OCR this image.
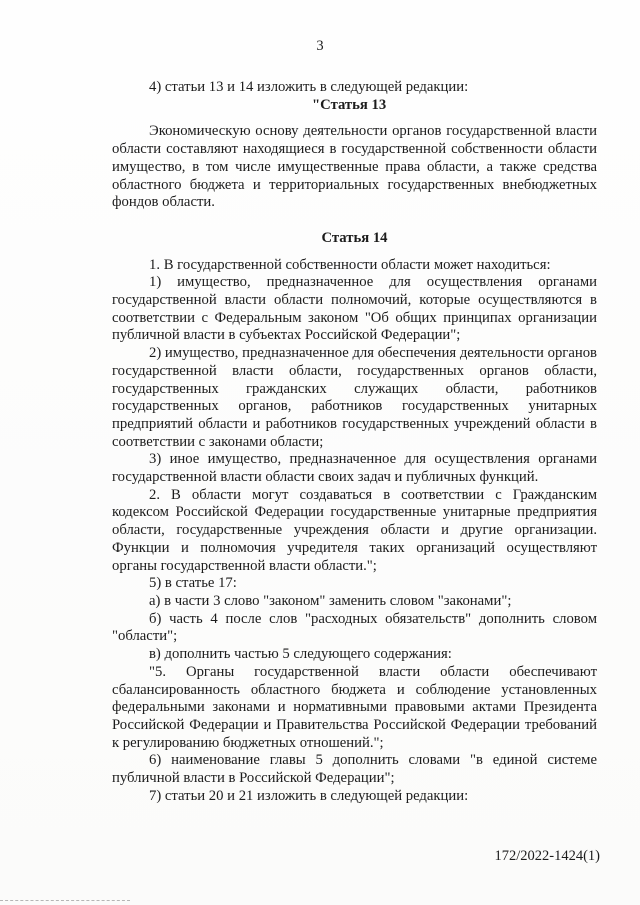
3

4) статьи 13 и 14 изложить в следующей редакции:

"Статья 13

Экономическую основу деятельности органов государственной власти области составляют находящиеся в государственной собственности области имущество, в том числе имущественные права области, а также средства областного бюджета и территориальных государственных внебюджетных фондов области.

Статья 14

1. В государственной собственности области может находиться:

1) имущество, предназначенное для осуществления органами государственной власти области полномочий, которые осуществляются в соответствии с Федеральным законом "Об общих принципах организации публичной власти в субъектах Российской Федерации";

2) имущество, предназначенное для обеспечения деятельности органов государственной власти области, государственных органов области, государственных гражданских служащих области, работников государственных органов, работников государственных унитарных предприятий области и работников государственных учреждений области в соответствии с законами области;

3) иное имущество, предназначенное для осуществления органами государственной власти области своих задач и публичных функций.

2. В области могут создаваться в соответствии с Гражданским кодексом Российской Федерации государственные унитарные предприятия области, государственные учреждения области и другие организации. Функции и полномочия учредителя таких организаций осуществляют органы государственной власти области.";

5) в статье 17:

а) в части 3 слово "законом" заменить словом "законами";

б) часть 4 после слов "расходных обязательств" дополнить словом "области";

в) дополнить частью 5 следующего содержания:

"5. Органы государственной власти области обеспечивают сбалансированность областного бюджета и соблюдение установленных федеральными законами и нормативными правовыми актами Президента Российской Федерации и Правительства Российской Федерации требований к регулированию бюджетных отношений.";

6) наименование главы 5 дополнить словами "в единой системе публичной власти в Российской Федерации";

7) статьи 20 и 21 изложить в следующей редакции:

172/2022-1424(1)
